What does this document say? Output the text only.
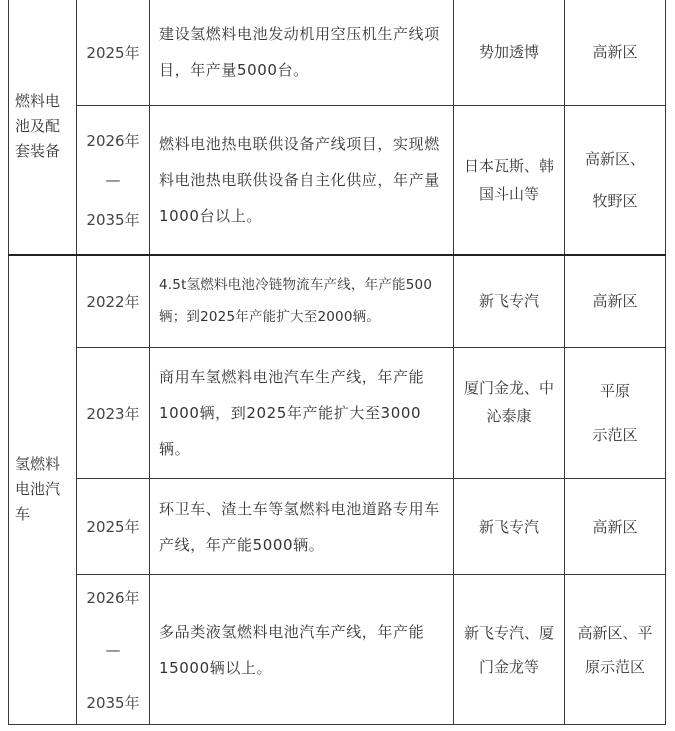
燃料电
池及配
套装备	2025年	建设氢燃料电池发动机用空压机生产线项目，年产量5000台。	势加透博	高新区

	2026年
—
2035年	燃料电池热电联供设备产线项目，实现燃料电池热电联供设备自主化供应，年产量1000台以上。	日本瓦斯、韩
国斗山等	高新区、
牧野区

氢燃料
电池汽
车	2022年	4.5t氢燃料电池冷链物流车产线，年产能500辆；到2025年产能扩大至2000辆。	新飞专汽	高新区

	2023年	商用车氢燃料电池汽车生产线，年产能1000辆，到2025年产能扩大至3000辆。	厦门金龙、中
沁泰康	平原
示范区

	2025年	环卫车、渣土车等氢燃料电池道路专用车产线，年产能5000辆。	新飞专汽	高新区

	2026年
—
2035年	多品类液氢燃料电池汽车产线，年产能15000辆以上。	新飞专汽、厦
门金龙等	高新区、平
原示范区
